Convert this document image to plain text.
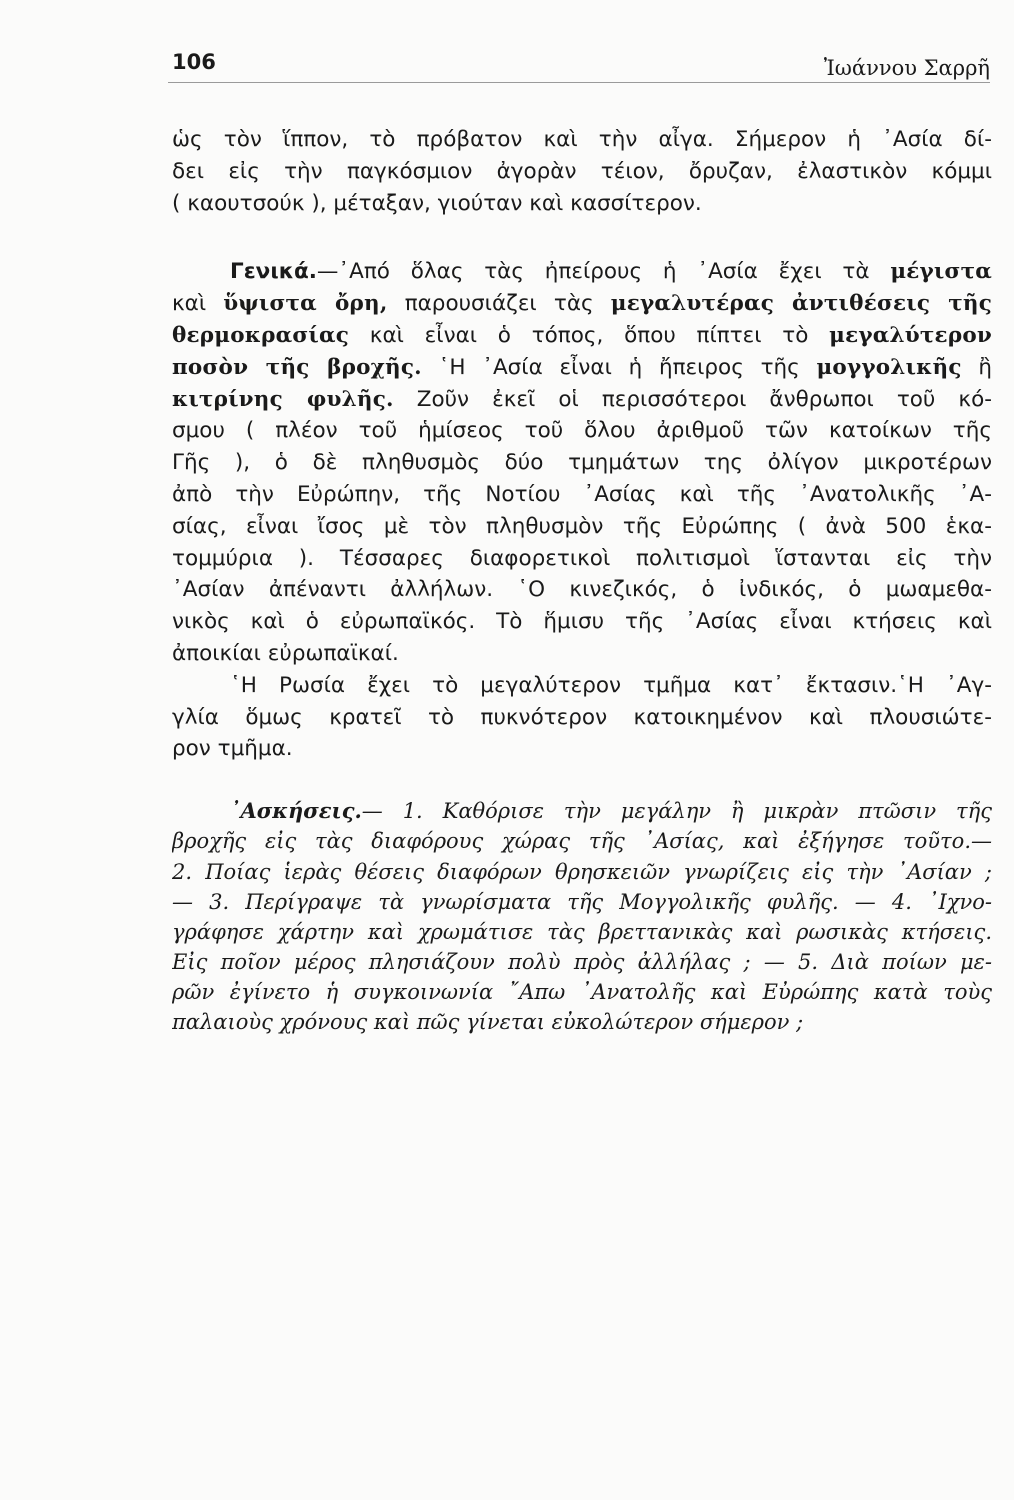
106	Ἰωάννου Σαρρῆ
ὡς τὸν ἵππον, τὸ πρόβατον καὶ τὴν αἶγα. Σήμερον ἡ ᾿Ασία δί-
δει εἰς τὴν παγκόσμιον ἀγορὰν τέιον, ὄρυζαν, ἐλαστικὸν κόμμι
( καουτσούκ ), μέταξαν, γιούταν καὶ κασσίτερον.
Γενικά.—᾿Από ὅλας τὰς ἠπείρους ἡ ᾿Ασία ἔχει τὰ μέγιστα
καὶ ὕψιστα ὄρη, παρουσιάζει τὰς μεγαλυτέρας ἀντιθέσεις τῆς
θερμοκρασίας καὶ εἶναι ὁ τόπος, ὅπου πίπτει τὸ μεγαλύτερον
ποσὸν τῆς βροχῆς. ῾Η ᾿Ασία εἶναι ἡ ἤπειρος τῆς μογγολικῆς ἢ
κιτρίνης φυλῆς. Ζοῦν ἐκεῖ οἱ περισσότεροι ἄνθρωποι τοῦ κό-
σμου ( πλέον τοῦ ἡμίσεος τοῦ ὅλου ἀριθμοῦ τῶν κατοίκων τῆς
Γῆς ), ὁ δὲ πληθυσμὸς δύο τμημάτων της ὀλίγον μικροτέρων
ἀπὸ τὴν Εὐρώπην, τῆς Νοτίου ᾿Ασίας καὶ τῆς ᾿Ανατολικῆς ᾿Α-
σίας, εἶναι ἴσος μὲ τὸν πληθυσμὸν τῆς Εὐρώπης ( ἀνὰ 500 ἑκα-
τομμύρια ). Τέσσαρες διαφορετικοὶ πολιτισμοὶ ἵστανται εἰς τὴν
᾿Ασίαν ἀπέναντι ἀλλήλων. ῾Ο κινεζικός, ὁ ἰνδικός, ὁ μωαμεθα-
νικὸς καὶ ὁ εὐρωπαϊκός. Τὸ ἥμισυ τῆς ᾿Ασίας εἶναι κτήσεις καὶ
ἀποικίαι εὐρωπαϊκαί.
῾Η Ρωσία ἔχει τὸ μεγαλύτερον τμῆμα κατ᾽ ἔκτασιν.῾Η ᾿Αγ-
γλία ὅμως κρατεῖ τὸ πυκνότερον κατοικημένον καὶ πλουσιώτε-
ρον τμῆμα.
᾿Ασκήσεις.— 1. Καθόρισε τὴν μεγάλην ἢ μικρὰν πτῶσιν τῆς
βροχῆς εἰς τὰς διαφόρους χώρας τῆς ᾿Ασίας, καὶ ἐξήγησε τοῦτο.—
2. Ποίας ἱερὰς θέσεις διαφόρων θρησκειῶν γνωρίζεις εἰς τὴν ᾿Ασίαν ;
— 3. Περίγραψε τὰ γνωρίσματα τῆς Μογγολικῆς φυλῆς. — 4. ᾿Ιχνο-
γράφησε χάρτην καὶ χρωμάτισε τὰς βρεττανικὰς καὶ ρωσικὰς κτήσεις.
Εἰς ποῖον μέρος πλησιάζουν πολὺ πρὸς ἀλλήλας ; — 5. Διὰ ποίων με-
ρῶν ἐγίνετο ἡ συγκοινωνία ῎Απω ᾿Ανατολῆς καὶ Εὐρώπης κατὰ τοὺς
παλαιοὺς χρόνους καὶ πῶς γίνεται εὐκολώτερον σήμερον ;
